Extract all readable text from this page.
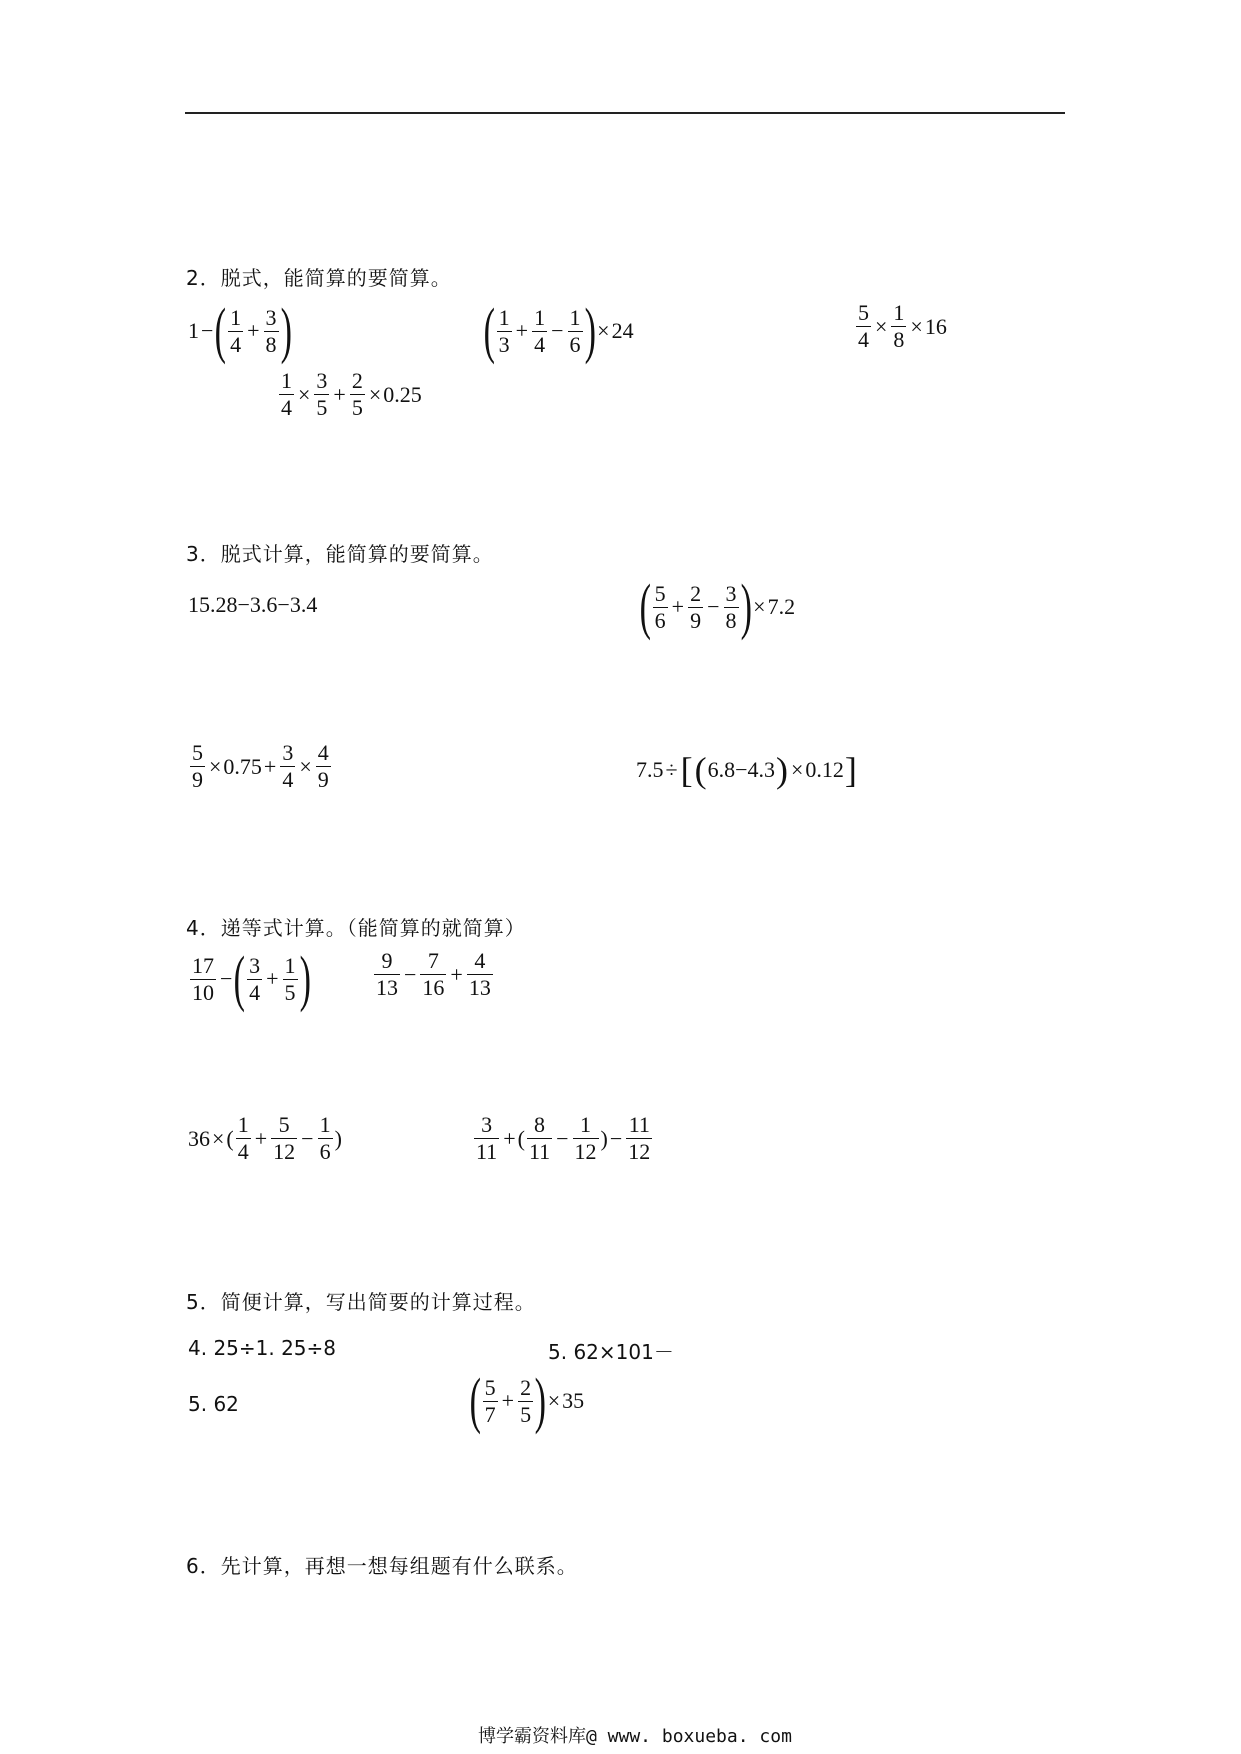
2．脱式，能简算的要简算。
1 − ( $\frac{1}{4} + \frac{3}{8}$ )	( $\frac{1}{3} + \frac{1}{4} - \frac{1}{6}$ ) × 24	$\frac{5}{4} \times \frac{1}{8} \times 16$
$\frac{1}{4} \times \frac{3}{5} + \frac{2}{5} \times 0.25$
3．脱式计算，能简算的要简算。
15.28−3.6−3.4	( $\frac{5}{6} + \frac{2}{9} - \frac{3}{8}$ ) × 7.2
$\frac{5}{9} \times 0.75 + \frac{3}{4} \times \frac{4}{9}$	7.5 ÷ [ ( 6.8−4.3 ) × 0.12 ]
4．递等式计算。（能简算的就简算）
$\frac{17}{10}$ − ( $\frac{3}{4} + \frac{1}{5}$ )	$\frac{9}{13} - \frac{7}{16} + \frac{4}{13}$
36 × ( $\frac{1}{4} + \frac{5}{12} - \frac{1}{6}$ )	$\frac{3}{11}$ + ( $\frac{8}{11} - \frac{1}{12}$ ) − $\frac{11}{12}$
5．简便计算，写出简要的计算过程。
4. 25÷1. 25÷8	5. 62×101－
5. 62	( $\frac{5}{7} + \frac{2}{5}$ ) × 35
6．先计算，再想一想每组题有什么联系。
博学霸资料库@ www. boxueba. com
